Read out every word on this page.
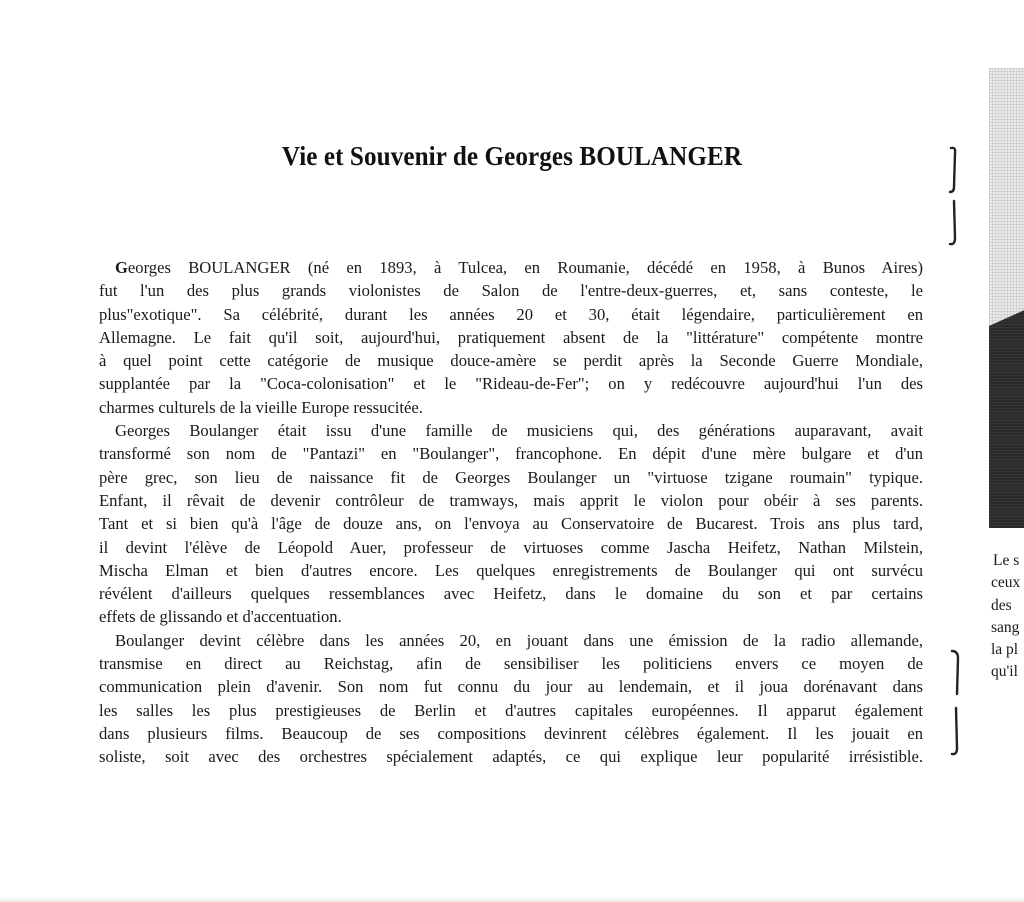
Vie et Souvenir de Georges BOULANGER
Georges BOULANGER (né en 1893, à Tulcea, en Roumanie, décédé en 1958, à Bunos Aires)
fut l'un des plus grands violonistes de Salon de l'entre-deux-guerres, et, sans conteste, le
plus"exotique". Sa célébrité, durant les années 20 et 30, était légendaire, particulièrement en
Allemagne. Le fait qu'il soit, aujourd'hui, pratiquement absent de la "littérature" compétente montre
à quel point cette catégorie de musique douce-amère se perdit après la Seconde Guerre Mondiale,
supplantée par la "Coca-colonisation" et le "Rideau-de-Fer"; on y redécouvre aujourd'hui l'un des
charmes culturels de la vieille Europe ressucitée.
Georges Boulanger était issu d'une famille de musiciens qui, des générations auparavant, avait
transformé son nom de "Pantazi" en "Boulanger", francophone. En dépit d'une mère bulgare et d'un
père grec, son lieu de naissance fit de Georges Boulanger un "virtuose tzigane roumain" typique.
Enfant, il rêvait de devenir contrôleur de tramways, mais apprit le violon pour obéir à ses parents.
Tant et si bien qu'à l'âge de douze ans, on l'envoya au Conservatoire de Bucarest. Trois ans plus tard,
il devint l'élève de Léopold Auer, professeur de virtuoses comme Jascha Heifetz, Nathan Milstein,
Mischa Elman et bien d'autres encore. Les quelques enregistrements de Boulanger qui ont survécu
révélent d'ailleurs quelques ressemblances avec Heifetz, dans le domaine du son et par certains
effets de glissando et d'accentuation.
Boulanger devint célèbre dans les années 20, en jouant dans une émission de la radio allemande,
transmise en direct au Reichstag, afin de sensibiliser les politiciens envers ce moyen de
communication plein d'avenir. Son nom fut connu du jour au lendemain, et il joua dorénavant dans
les salles les plus prestigieuses de Berlin et d'autres capitales européennes. Il apparut également
dans plusieurs films. Beaucoup de ses compositions devinrent célèbres également. Il les jouait en
soliste, soit avec des orchestres spécialement adaptés, ce qui explique leur popularité irrésistible.
Le s
ceux
des
sang
la pl
qu'il
